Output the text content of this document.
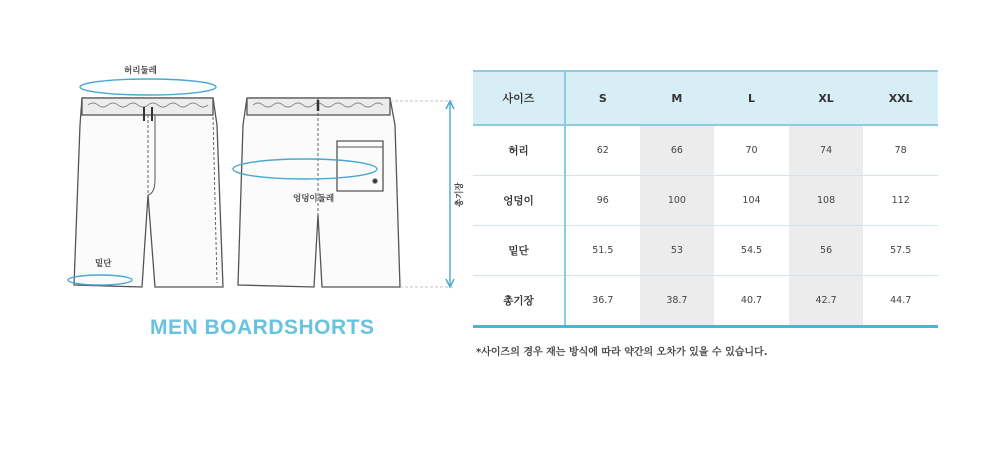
허리둘레
엉덩이둘레
밑단
총기장
MEN BOARDSHORTS
사이즈	S	M	L	XL	XXL
허리	62	66	70	74	78
엉덩이	96	100	104	108	112
밑단	51.5	53	54.5	56	57.5
총기장	36.7	38.7	40.7	42.7	44.7
*사이즈의 경우 재는 방식에 따라 약간의 오차가 있을 수 있습니다.
